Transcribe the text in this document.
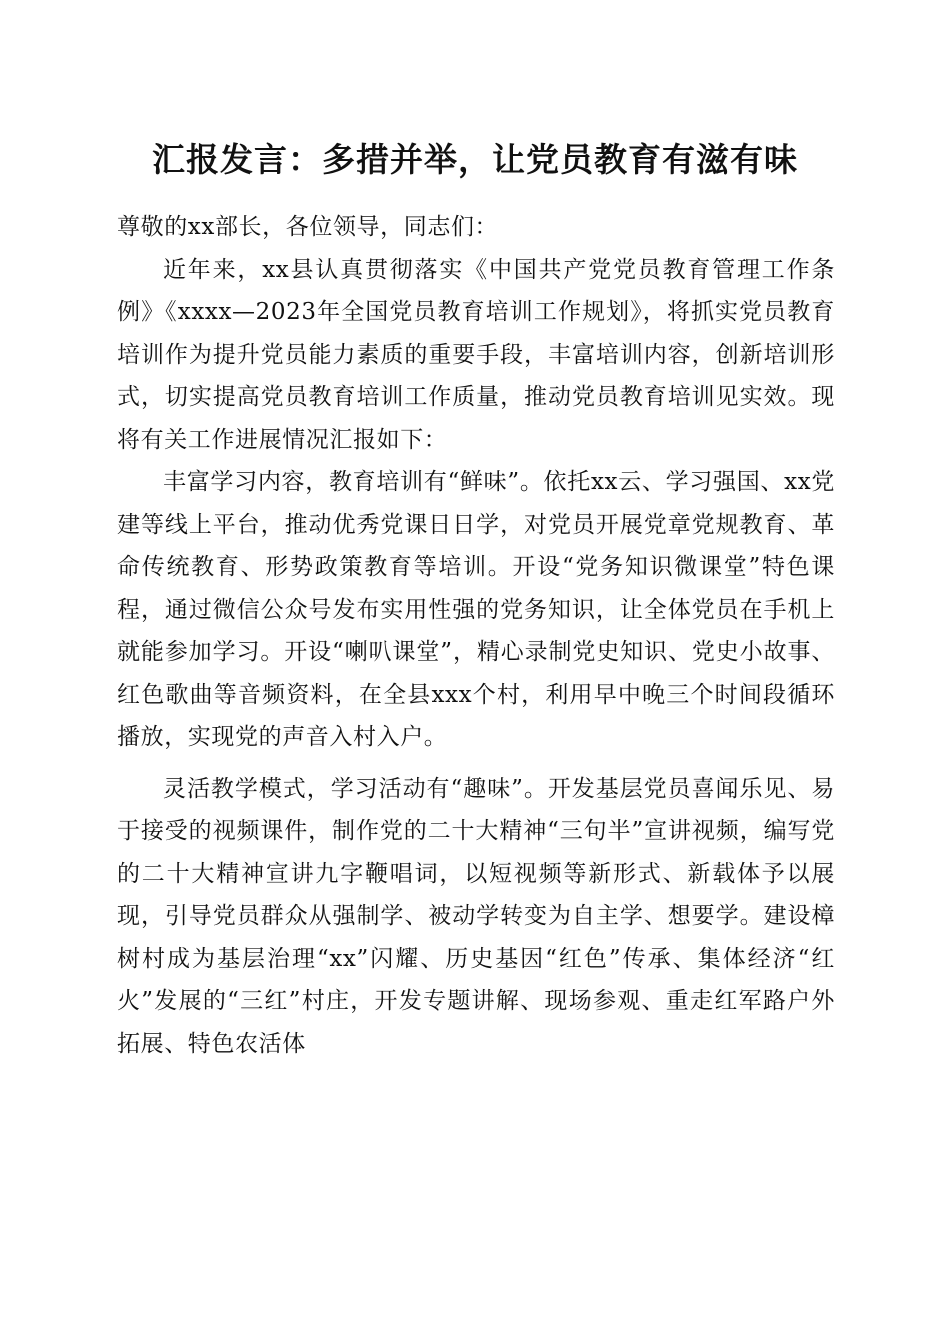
汇报发言：多措并举，让党员教育有滋有味

尊敬的xx部长，各位领导，同志们：

近年来，xx县认真贯彻落实《中国共产党党员教育管理工作条例》《xxxx—2023年全国党员教育培训工作规划》，将抓实党员教育培训作为提升党员能力素质的重要手段，丰富培训内容，创新培训形式，切实提高党员教育培训工作质量，推动党员教育培训见实效。现将有关工作进展情况汇报如下：

丰富学习内容，教育培训有“鲜味”。依托xx云、学习强国、xx党建等线上平台，推动优秀党课日日学，对党员开展党章党规教育、革命传统教育、形势政策教育等培训。开设“党务知识微课堂”特色课程，通过微信公众号发布实用性强的党务知识，让全体党员在手机上就能参加学习。开设“喇叭课堂”，精心录制党史知识、党史小故事、红色歌曲等音频资料，在全县xxx个村，利用早中晚三个时间段循环播放，实现党的声音入村入户。

灵活教学模式，学习活动有“趣味”。开发基层党员喜闻乐见、易于接受的视频课件，制作党的二十大精神“三句半”宣讲视频，编写党的二十大精神宣讲九字鞭唱词，以短视频等新形式、新载体予以展现，引导党员群众从强制学、被动学转变为自主学、想要学。建设樟树村成为基层治理“xx”闪耀、历史基因“红色”传承、集体经济“红火”发展的“三红”村庄，开发专题讲解、现场参观、重走红军路户外拓展、特色农活体
